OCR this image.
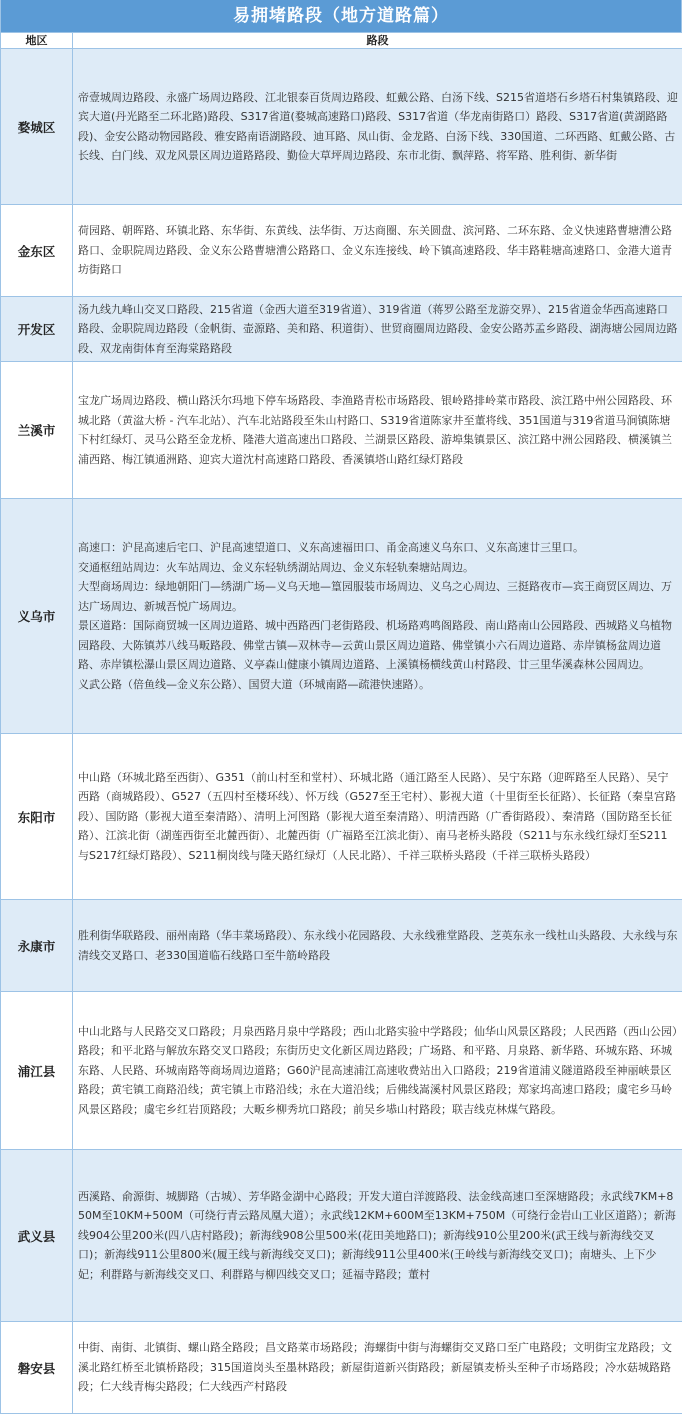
易拥堵路段（地方道路篇）
地区	路段
婺城区	帝壹城周边路段、永盛广场周边路段、江北银泰百货周边路段、虹戴公路、白汤下线、S215省道塔石乡塔石村集镇路段、迎宾大道(丹光路至二环北路)路段、S317省道(婺城高速路口)路段、S317省道（华龙南街路口）路段、S317省道(黄湖路路段)、金安公路动物园路段、雅安路南语湖路段、迪耳路、凤山街、金龙路、白汤下线、330国道、二环西路、虹戴公路、古长线、白门线、双龙风景区周边道路路段、勤俭大草坪周边路段、东市北街、飘萍路、将军路、胜利街、新华街

金东区	荷园路、朝晖路、环镇北路、东华街、东黄线、法华街、万达商圈、东关圆盘、滨河路、二环东路、金义快速路曹塘漕公路路口、金职院周边路段、金义东公路曹塘漕公路路口、金义东连接线、岭下镇高速路段、华丰路鞋塘高速路口、金港大道青坊街路口

开发区	汤九线九峰山交叉口路段、215省道（金西大道至319省道）、319省道（蒋罗公路至龙游交界）、215省道金华西高速路口路段、金职院周边路段（金帆街、壶源路、美和路、积道街）、世贸商圈周边路段、金安公路苏孟乡路段、湖海塘公园周边路段、双龙南街体育至海棠路路段

兰溪市	宝龙广场周边路段、横山路沃尔玛地下停车场路段、李渔路青松市场路段、银岭路排岭菜市路段、滨江路中州公园路段、环城北路（黄湓大桥 - 汽车北站）、汽车北站路段至朱山村路口、S319省道陈家井至董将线、351国道与319省道马涧镇陈塘下村红绿灯、灵马公路至金龙桥、隆港大道高速出口路段、兰湖景区路段、游埠集镇景区、滨江路中洲公园路段、横溪镇兰浦西路、梅江镇通洲路、迎宾大道沈村高速路口路段、香溪镇塔山路红绿灯路段

义乌市	高速口：沪昆高速后宅口、沪昆高速望道口、义东高速福田口、甬金高速义乌东口、义东高速廿三里口。
交通枢纽站周边：火车站周边、金义东轻轨绣湖站周边、金义东轻轨秦塘站周边。
大型商场周边：绿地朝阳门—绣湖广场—义乌天地—篁园服装市场周边、义乌之心周边、三挺路夜市—宾王商贸区周边、万达广场周边、新城吾悦广场周边。
景区道路：国际商贸城一区周边道路、城中西路西门老街路段、机场路鸡鸣阁路段、南山路南山公园路段、西城路义乌植物园路段、大陈镇苏八线马畈路段、佛堂古镇—双林寺—云黄山景区周边道路、佛堂镇小六石周边道路、赤岸镇杨盆周边道路、赤岸镇松瀑山景区周边道路、义亭森山健康小镇周边道路、上溪镇杨横线黄山村路段、廿三里华溪森林公园周边。
义武公路（倍鱼线—金义东公路）、国贸大道（环城南路—疏港快速路）。

东阳市	中山路（环城北路至西街）、G351（前山村至和堂村）、环城北路（通江路至人民路）、吴宁东路（迎晖路至人民路）、吴宁西路（商城路段）、G527（五四村至楼环线）、怀万线（G527至王宅村）、影视大道（十里街至长征路）、长征路（秦皇宫路段）、国防路（影视大道至秦清路）、清明上河图路（影视大道至秦清路）、明清西路（广香街路段）、秦清路（国防路至长征路）、江滨北街（湖莲西街至北麓西街）、北麓西街（广福路至江滨北街）、南马老桥头路段（S211与东永线红绿灯至S211与S217红绿灯路段）、S211桐岗线与隆天路红绿灯（人民北路）、千祥三联桥头路段（千祥三联桥头路段）

永康市	胜利街华联路段、丽州南路（华丰菜场路段）、东永线小花园路段、大永线雅堂路段、芝英东永一线杜山头路段、大永线与东清线交叉路口、老330国道临石线路口至牛筋岭路段

浦江县	中山北路与人民路交叉口路段；月泉西路月泉中学路段；西山北路实验中学路段；仙华山风景区路段；人民西路（西山公园）路段；和平北路与解放东路交叉口路段；东街历史文化新区周边路段；广场路、和平路、月泉路、新华路、环城东路、环城东路、人民路、环城南路等商场周边道路；G60沪昆高速浦江高速收费站出入口路段；219省道浦义隧道路段至神丽峡景区路段；黄宅镇工商路沿线；黄宅镇上市路沿线；永在大道沿线；后佛线嵩溪村风景区路段；郑家坞高速口路段；虞宅乡马岭风景区路段；虞宅乡红岩顶路段；大畈乡柳秀坑口路段；前吴乡塨山村路段；联吉线克林煤气路段。

武义县	西溪路、俞源街、城脚路（古城）、芳华路金湖中心路段；开发大道白洋渡路段、法金线高速口至深塘路段；永武线7KM+850M至10KM+500M（可绕行青云路凤凰大道）；永武线12KM+600M至13KM+750M（可绕行金岩山工业区道路）；新海线904公里200米(四八店村路段)；新海线908公里500米(花田美地路口)；新海线910公里200米(武王线与新海线交叉口)；新海线911公里800米(履王线与新海线交叉口)；新海线911公里400米(王岭线与新海线交叉口)；南塘头、上下少妃；利群路与新海线交叉口、利群路与柳四线交叉口；延福寺路段；董村

磐安县	中街、南街、北镇街、螺山路全路段；昌文路菜市场路段；海螺街中街与海螺街交叉路口至广电路段；文明街宝龙路段；文溪北路红桥至北镇桥路段；315国道岗头至墨林路段；新屋街道新兴街路段；新屋镇麦桥头至种子市场路段；冷水菇城路路段；仁大线青梅尖路段；仁大线西产村路段
